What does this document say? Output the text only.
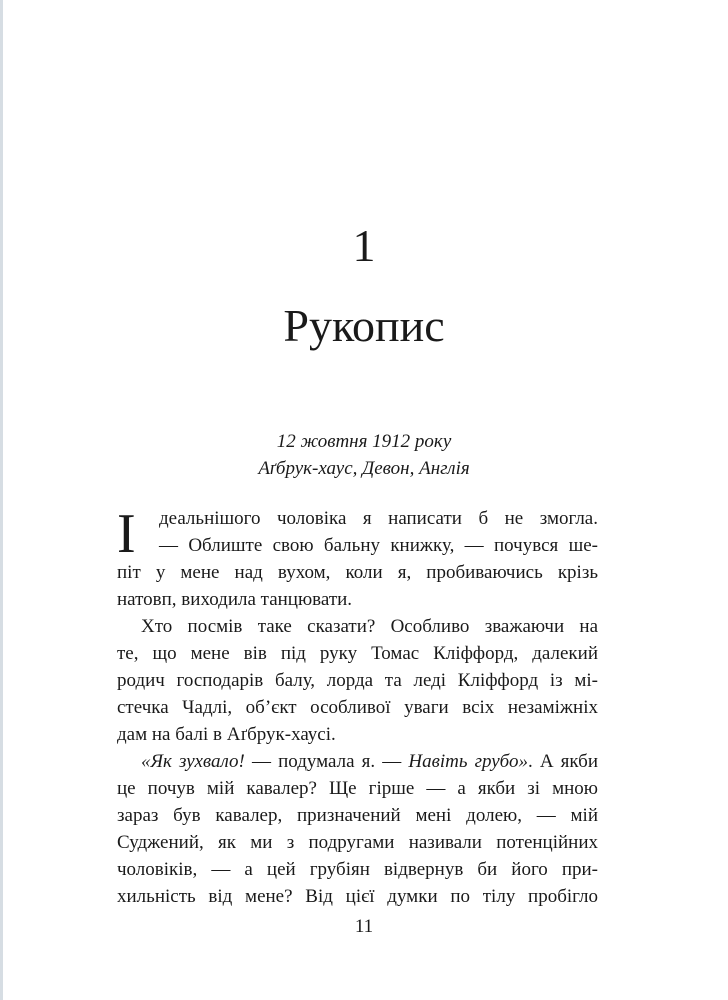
1
Рукопис
12 жовтня 1912 року
Аґбрук-хаус, Девон, Англія
І	деальнішого чоловіка я написати б не змогла.
— Облиште свою бальну книжку, — почувся ше-
піт у мене над вухом, коли я, пробиваючись крізь
натовп, виходила танцювати.
Хто посмів таке сказати? Особливо зважаючи на
те, що мене вів під руку Томас Кліффорд, далекий
родич господарів балу, лорда та леді Кліффорд із мі-
стечка Чадлі, об’єкт особливої уваги всіх незаміжніх
дам на балі в Аґбрук-хаусі.
«Як зухвало! — подумала я. — Навіть грубо». А якби
це почув мій кавалер? Ще гірше — а якби зі мною
зараз був кавалер, призначений мені долею, — мій
Суджений, як ми з подругами називали потенційних
чоловіків, — а цей грубіян відвернув би його при-
хильність від мене? Від цієї думки по тілу пробігло
11
